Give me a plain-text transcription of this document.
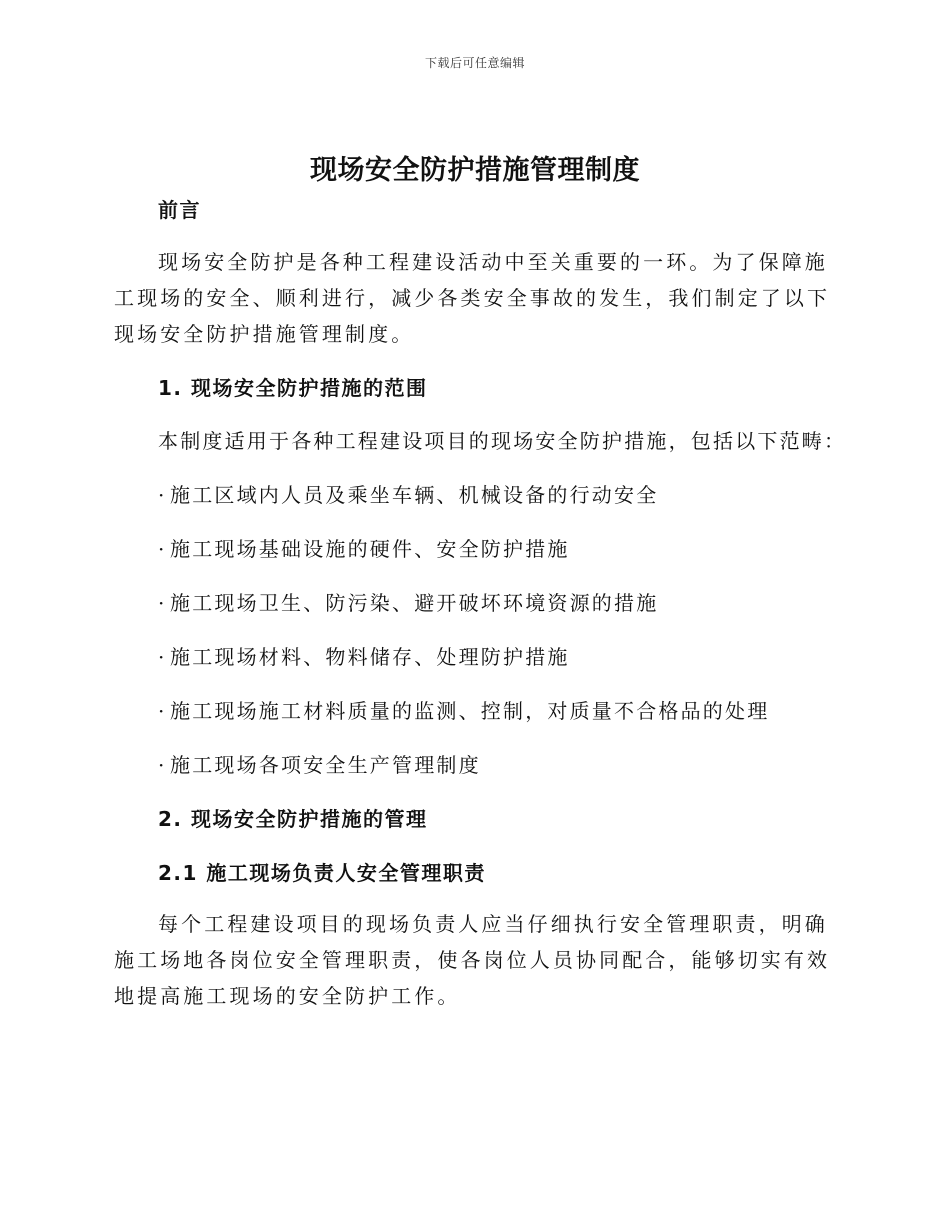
下载后可任意编辑
现场安全防护措施管理制度
前言

现场安全防护是各种工程建设活动中至关重要的一环。为了保障施工现场的安全、顺利进行，减少各类安全事故的发生，我们制定了以下现场安全防护措施管理制度。

1. 现场安全防护措施的范围
本制度适用于各种工程建设项目的现场安全防护措施，包括以下范畴：
· 施工区域内人员及乘坐车辆、机械设备的行动安全
· 施工现场基础设施的硬件、安全防护措施
· 施工现场卫生、防污染、避开破坏环境资源的措施
· 施工现场材料、物料储存、处理防护措施
· 施工现场施工材料质量的监测、控制，对质量不合格品的处理
· 施工现场各项安全生产管理制度
2. 现场安全防护措施的管理
2.1 施工现场负责人安全管理职责

每个工程建设项目的现场负责人应当仔细执行安全管理职责，明确施工场地各岗位安全管理职责，使各岗位人员协同配合，能够切实有效地提高施工现场的安全防护工作。
